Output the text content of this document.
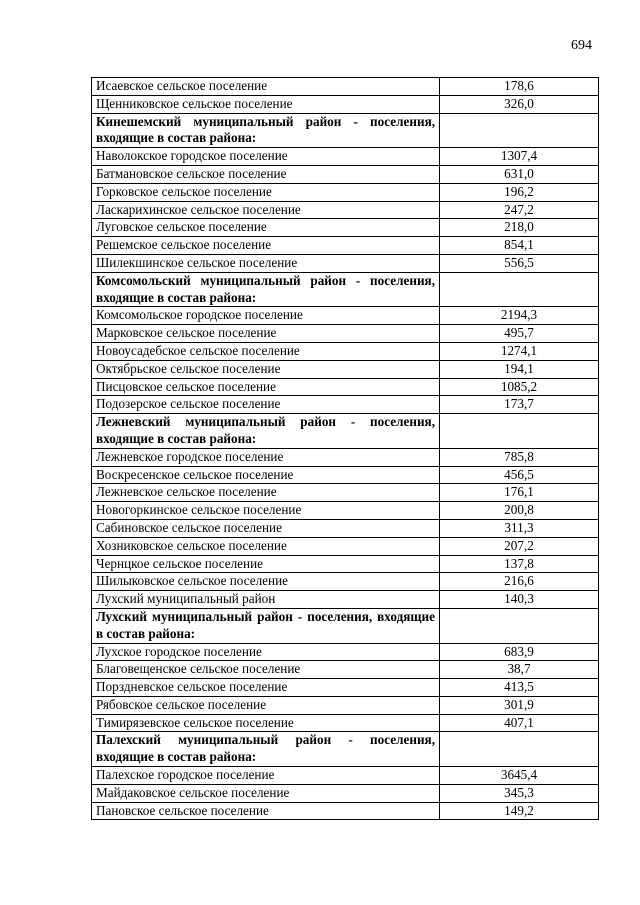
694
Исаевское сельское поселение	178,6
Щенниковское сельское поселение	326,0
Кинешемский муниципальный район - поселения, входящие в состав района:	
Наволокское городское поселение	1307,4
Батмановское сельское поселение	631,0
Горковское сельское поселение	196,2
Ласкарихинское сельское поселение	247,2
Луговское сельское поселение	218,0
Решемское сельское поселение	854,1
Шилекшинское сельское поселение	556,5
Комсомольский муниципальный район - поселения, входящие в состав района:	
Комсомольское городское поселение	2194,3
Марковское сельское поселение	495,7
Новоусадебское сельское поселение	1274,1
Октябрьское сельское поселение	194,1
Писцовское сельское поселение	1085,2
Подозерское сельское поселение	173,7
Лежневский муниципальный район - поселения, входящие в состав района:	
Лежневское городское поселение	785,8
Воскресенское сельское поселение	456,5
Лежневское сельское поселение	176,1
Новогоркинское сельское поселение	200,8
Сабиновское сельское поселение	311,3
Хозниковское сельское поселение	207,2
Чернцкое сельское поселение	137,8
Шилыковское сельское поселение	216,6
Лухский муниципальный район	140,3
Лухский муниципальный район - поселения, входящие в состав района:	
Лухское городское поселение	683,9
Благовещенское сельское поселение	38,7
Порздневское сельское поселение	413,5
Рябовское сельское поселение	301,9
Тимирязевское сельское поселение	407,1
Палехский муниципальный район - поселения, входящие в состав района:	
Палехское городское поселение	3645,4
Майдаковское сельское поселение	345,3
Пановское сельское поселение	149,2
